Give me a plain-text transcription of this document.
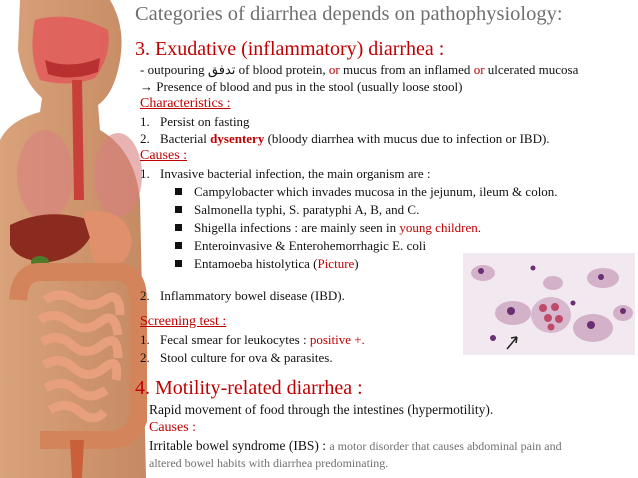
Categories of diarrhea depends on pathophysiology:
3. Exudative (inflammatory) diarrhea :
- outpouring تدفق of blood protein, or mucus from an inflamed or ulcerated mucosa
→ Presence of blood and pus in the stool (usually loose stool)
Characteristics :
1. Persist on fasting
2. Bacterial dysentery (bloody diarrhea with mucus due to infection or IBD).
Causes :
1. Invasive bacterial infection, the main organism are :
Campylobacter which invades mucosa in the jejunum, ileum & colon.
Salmonella typhi, S. paratyphi A, B, and C.
Shigella infections : are mainly seen in young children.
Enteroinvasive & Enterohemorrhagic E. coli
Entamoeba histolytica (Picture)
2. Inflammatory bowel disease (IBD).
Screening test :
1. Fecal smear for leukocytes : positive +.
2. Stool culture for ova & parasites.
4. Motility-related diarrhea :
Rapid movement of food through the intestines (hypermotility).
Causes :
Irritable bowel syndrome (IBS) : a motor disorder that causes abdominal pain and
altered bowel habits with diarrhea predominating.
